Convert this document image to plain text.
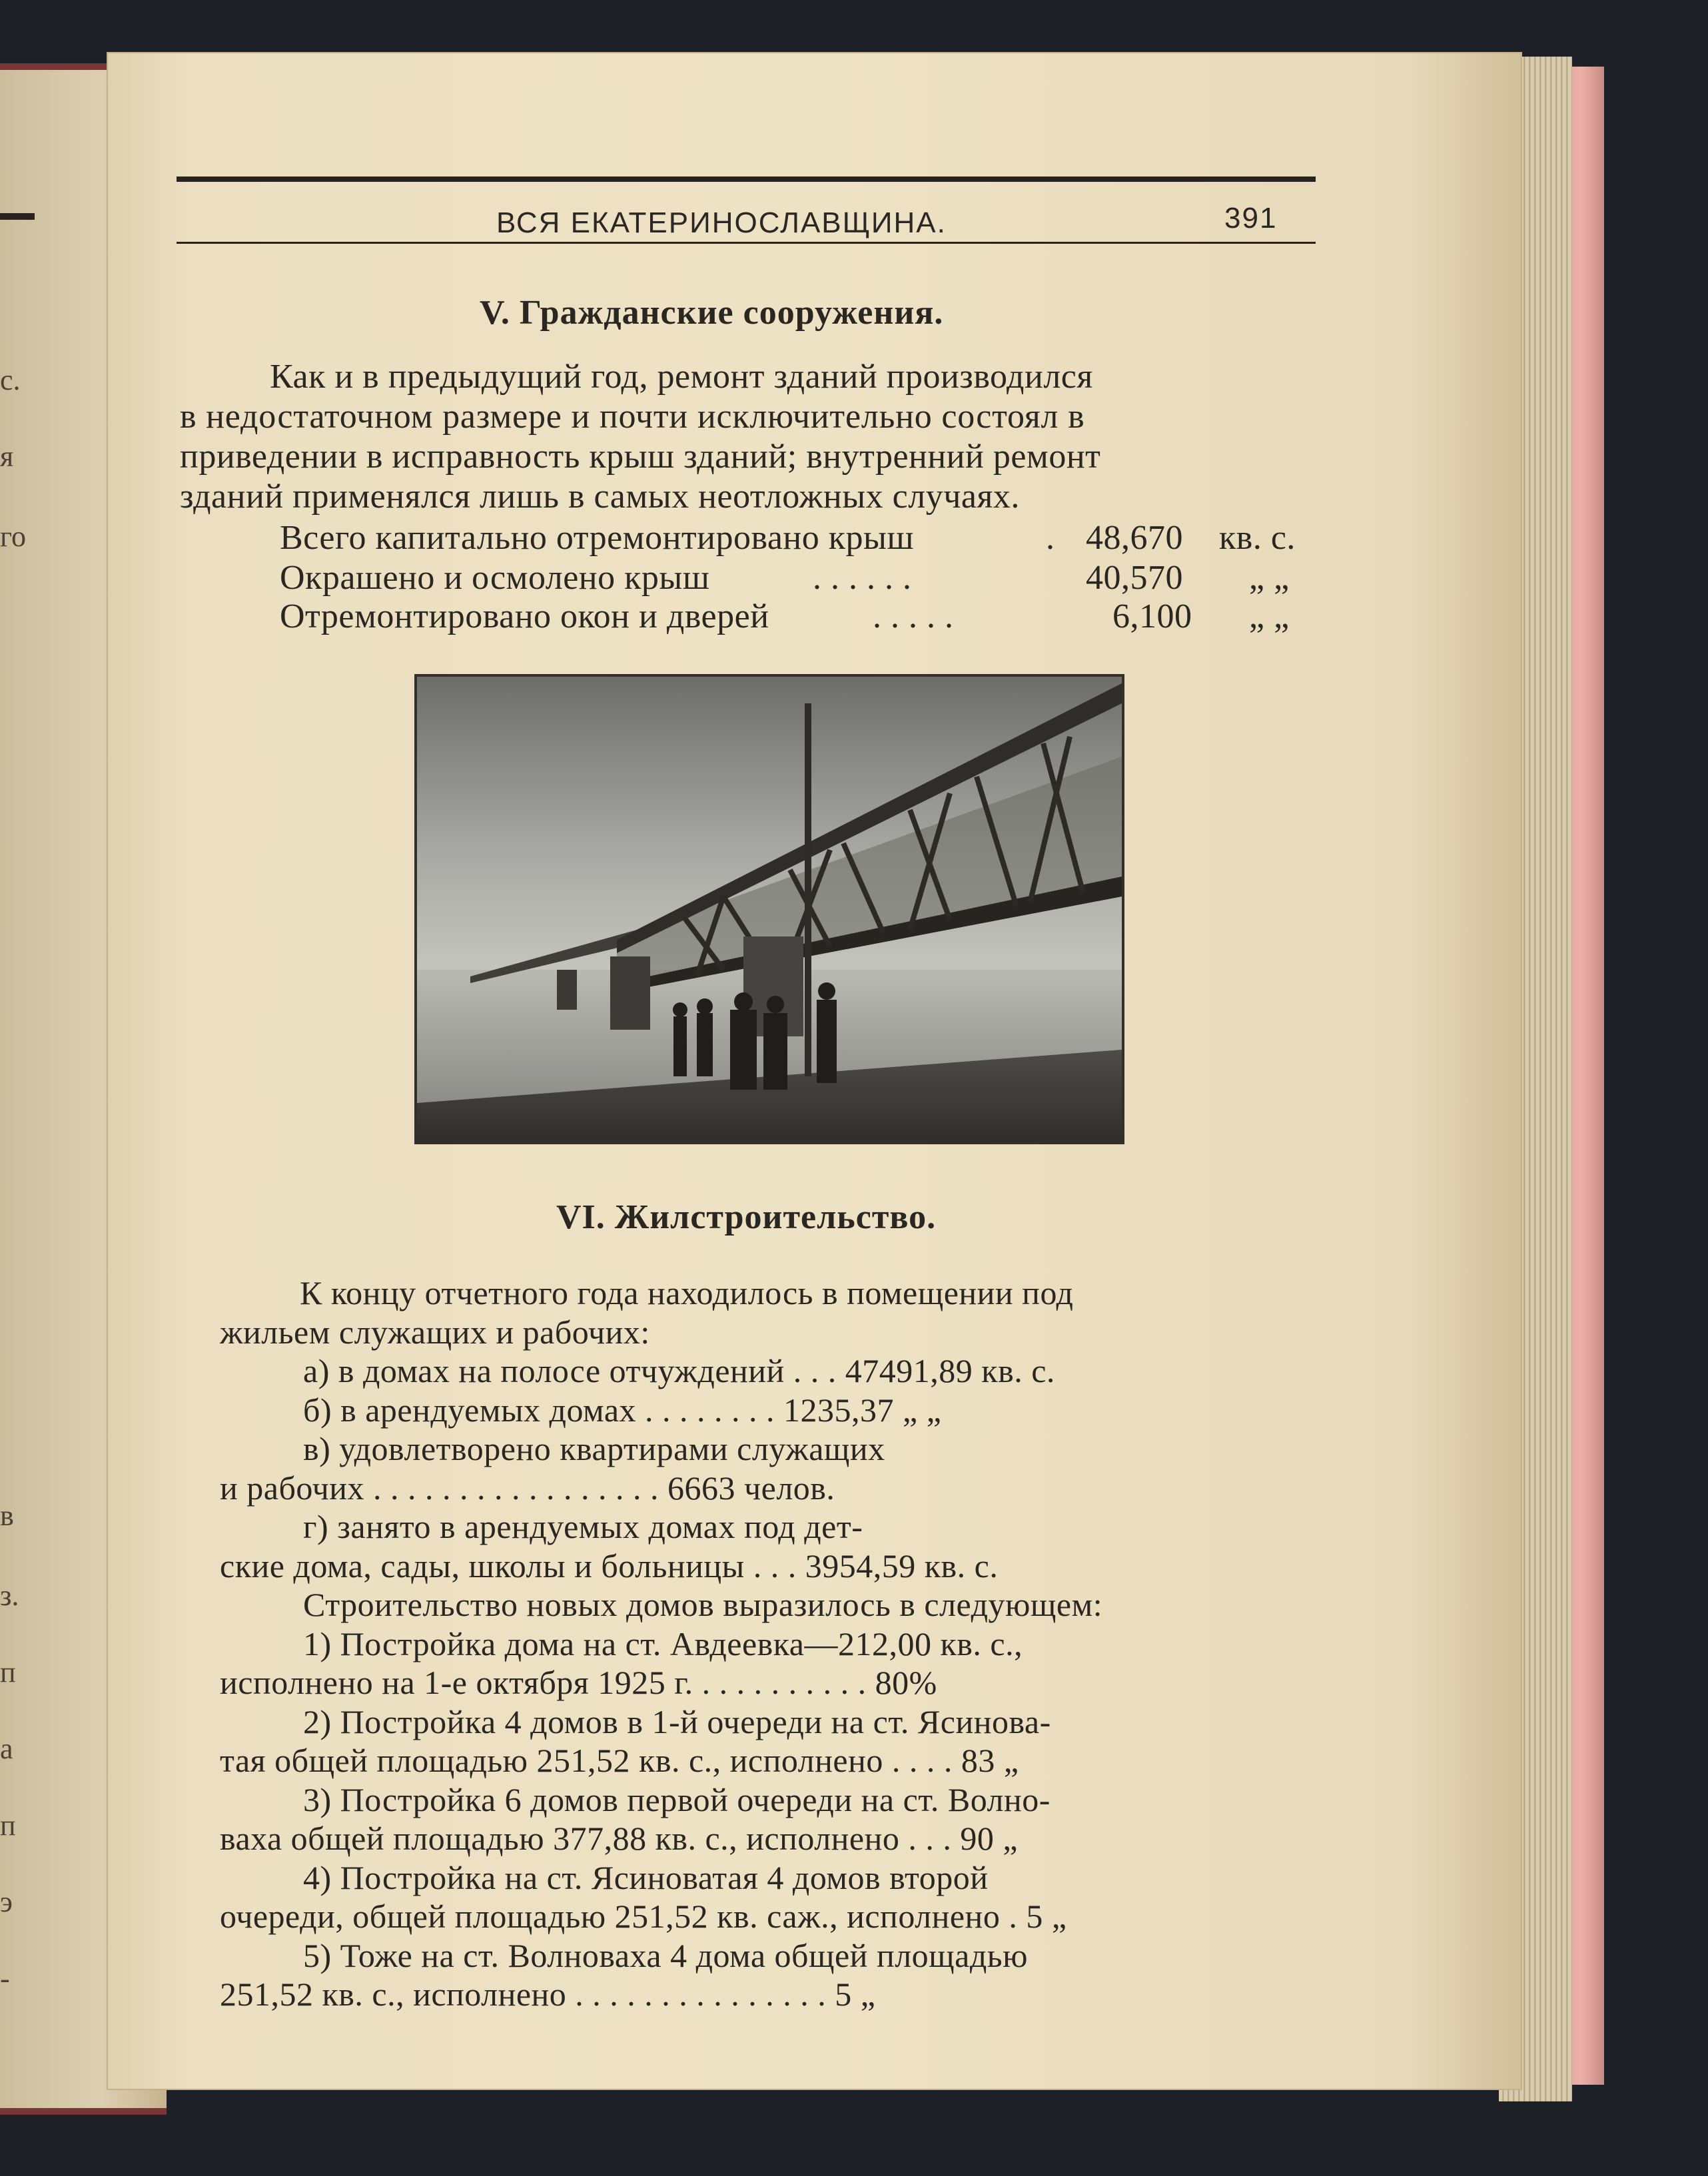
с.
я
го
в
з.
п
а
п
э
-
ВСЯ ЕКАТЕРИНОСЛАВЩИНА.	391
V. Гражданские сооружения.
Как и в предыдущий год, ремонт зданий производился
в недостаточном размере и почти исключительно состоял в
приведении в исправность крыш зданий; внутренний ремонт
зданий применялся лишь в самых неотложных случаях.
Всего капитально отремонтировано крыш	. 48,670 кв. с.
Окрашено и осмолено крыш	. . . . . .	40,570 „ „
Отремонтировано окон и дверей	. . . . .	6,100 „ „
VI. Жилстроительство.
К концу отчетного года находилось в помещении под
жильем служащих и рабочих:
а) в домах на полосе отчуждений . . . 47491,89 кв. с.
б) в арендуемых домах . . . . . . . . 1235,37 „ „
в) удовлетворено квартирами служащих
и рабочих . . . . . . . . . . . . . . . . . 6663 челов.
г) занято в арендуемых домах под дет-
ские дома, сады, школы и больницы . . . 3954,59 кв. с.
Строительство новых домов выразилось в следующем:
1) Постройка дома на ст. Авдеевка—212,00 кв. с.,
исполнено на 1-е октября 1925 г. . . . . . . . . . . 80%
2) Постройка 4 домов в 1-й очереди на ст. Ясинова-
тая общей площадью 251,52 кв. с., исполнено . . . . 83 „
3) Постройка 6 домов первой очереди на ст. Волно-
ваха общей площадью 377,88 кв. с., исполнено . . . 90 „
4) Постройка на ст. Ясиноватая 4 домов второй
очереди, общей площадью 251,52 кв. саж., исполнено . 5 „
5) Тоже на ст. Волноваха 4 дома общей площадью
251,52 кв. с., исполнено . . . . . . . . . . . . . . . 5 „
